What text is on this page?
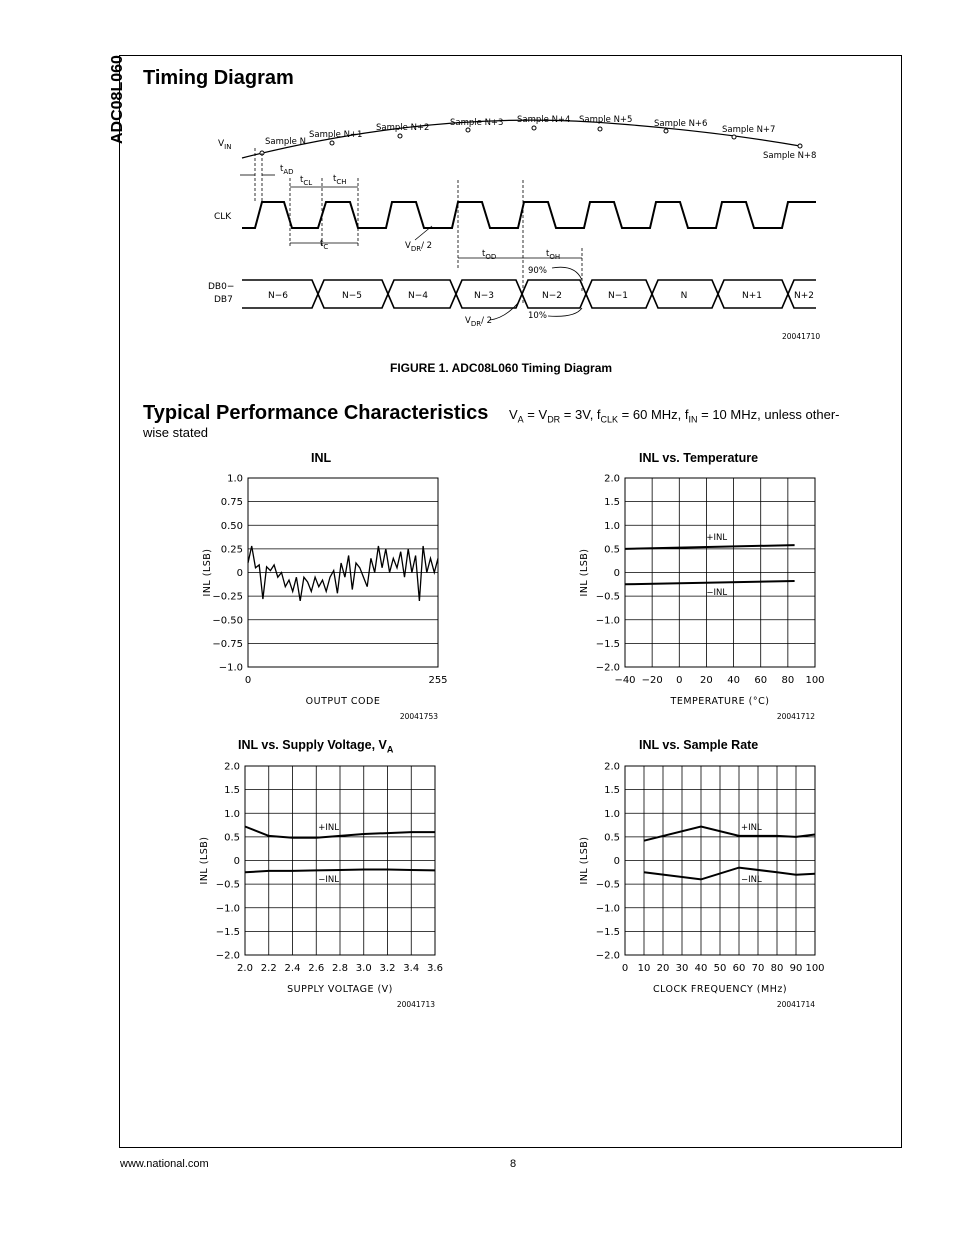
ADC08L060 Timing Diagram
$V_{IN}$	Sample N
Sample N+1
Sample N+2 Sample N+3 Sample N+4 Sample N+5	Sample N+6
Sample N+7
Sample N+8
$t_{AD}$
$t_{CL}$ $t_{CH}$
$t_C$
$t_{OD}$	$t_{OH}$
$V_{DR}/$ 2
$V_{DR}/$ 2
90%
10%
CLK
DB0−
DB7	N−6	N−5	N−4	N−3	N−2	N−1	N	N+1	N+2
20041710
FIGURE 1. ADC08L060 Timing Diagram
Typical Performance Characteristics $V_A = V_{DR} = 3V$, $f_{CLK} = 60$ MHz, $f_{IN} = 10$ MHz, unless other-
wise stated
INL	INL vs. Temperature
INL vs. Supply Voltage, $V_A$	INL vs. Sample Rate
1.0
0.75
0.50
0.25
0
−0.25
−0.50
−0.75
−1.0
0	255
OUTPUT CODE
INL (LSB)
20041753
2.0
1.5
1.0
0.5
0
−0.5
−1.0
−1.5
−2.0
−40 −20 0 20 40 60 80 100
TEMPERATURE (°C)
INL (LSB)
20041712
+INL
−INL
2.0
1.5
1.0
0.5
0
−0.5
−1.0
−1.5
−2.0
2.0 2.2 2.4 2.6 2.8 3.0 3.2 3.4 3.6
SUPPLY VOLTAGE (V)
INL (LSB)
20041713
+INL
−INL
2.0
1.5
1.0
0.5
0
−0.5
−1.0
−1.5
−2.0
0 10 20 30 40 50 60 70 80 90 100
CLOCK FREQUENCY (MHz)
INL (LSB)
20041714
+INL
−INL
www.national.com	8
